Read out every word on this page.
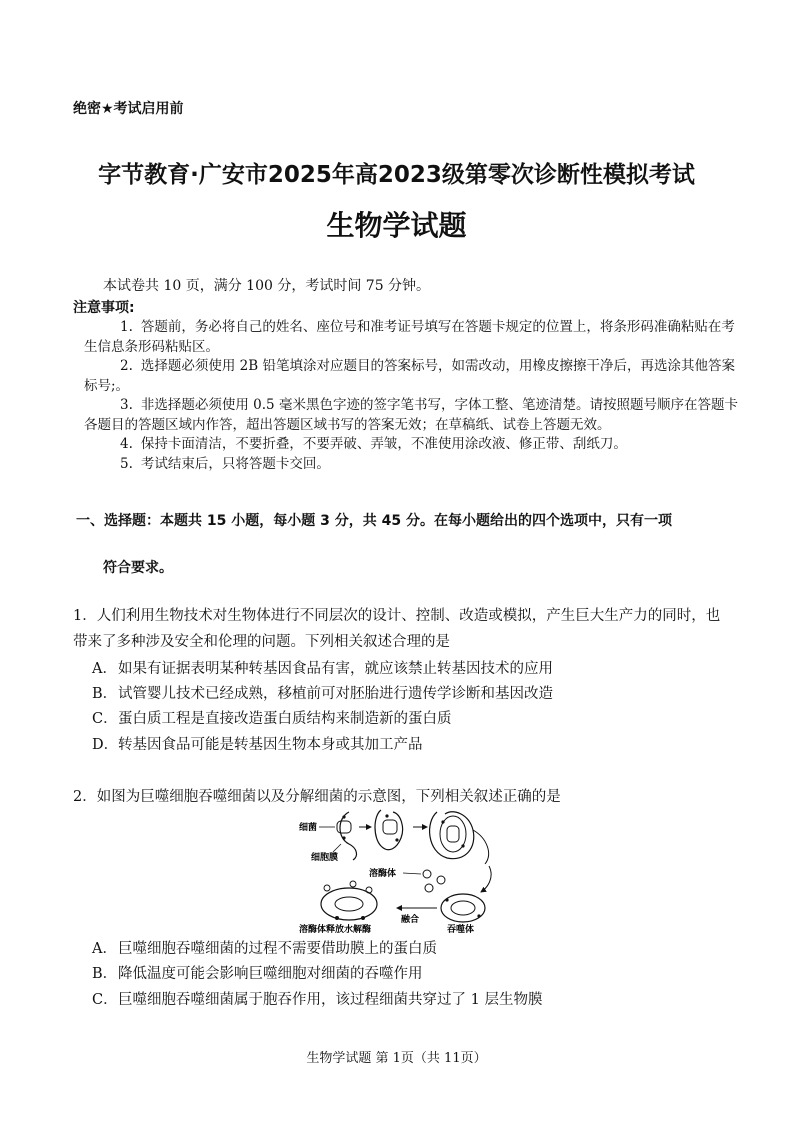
绝密★考试启用前
字节教育·广安市2025年高2023级第零次诊断性模拟考试
生物学试题
本试卷共 10 页，满分 100 分，考试时间 75 分钟。
注意事项:
1. 答题前，务必将自己的姓名、座位号和准考证号填写在答题卡规定的位置上，将条形码准确粘贴在考生信息条形码粘贴区。
2. 选择题必须使用 2B 铅笔填涂对应题目的答案标号，如需改动，用橡皮擦擦干净后，再选涂其他答案标号;。
3. 非选择题必须使用 0.5 毫米黑色字迹的签字笔书写，字体工整、笔迹清楚。请按照题号顺序在答题卡各题目的答题区域内作答，超出答题区域书写的答案无效；在草稿纸、试卷上答题无效。
4. 保持卡面清洁，不要折叠，不要弄破、弄皱，不准使用涂改液、修正带、刮纸刀。
5. 考试结束后，只将答题卡交回。
一、选择题：本题共 15 小题，每小题 3 分，共 45 分。在每小题给出的四个选项中，只有一项
符合要求。
1．人们利用生物技术对生物体进行不同层次的设计、控制、改造或模拟，产生巨大生产力的同时，也带来了多种涉及安全和伦理的问题。下列相关叙述合理的是
A．如果有证据表明某种转基因食品有害，就应该禁止转基因技术的应用
B．试管婴儿技术已经成熟，移植前可对胚胎进行遗传学诊断和基因改造
C．蛋白质工程是直接改造蛋白质结构来制造新的蛋白质
D．转基因食品可能是转基因生物本身或其加工产品
2．如图为巨噬细胞吞噬细菌以及分解细菌的示意图，下列相关叙述正确的是
细菌
细胞膜
溶酶体
吞噬体
融合
溶酶体释放水解酶
A．巨噬细胞吞噬细菌的过程不需要借助膜上的蛋白质
B．降低温度可能会影响巨噬细胞对细菌的吞噬作用
C．巨噬细胞吞噬细菌属于胞吞作用，该过程细菌共穿过了 1 层生物膜
生物学试题 第 1页（共 11页）
